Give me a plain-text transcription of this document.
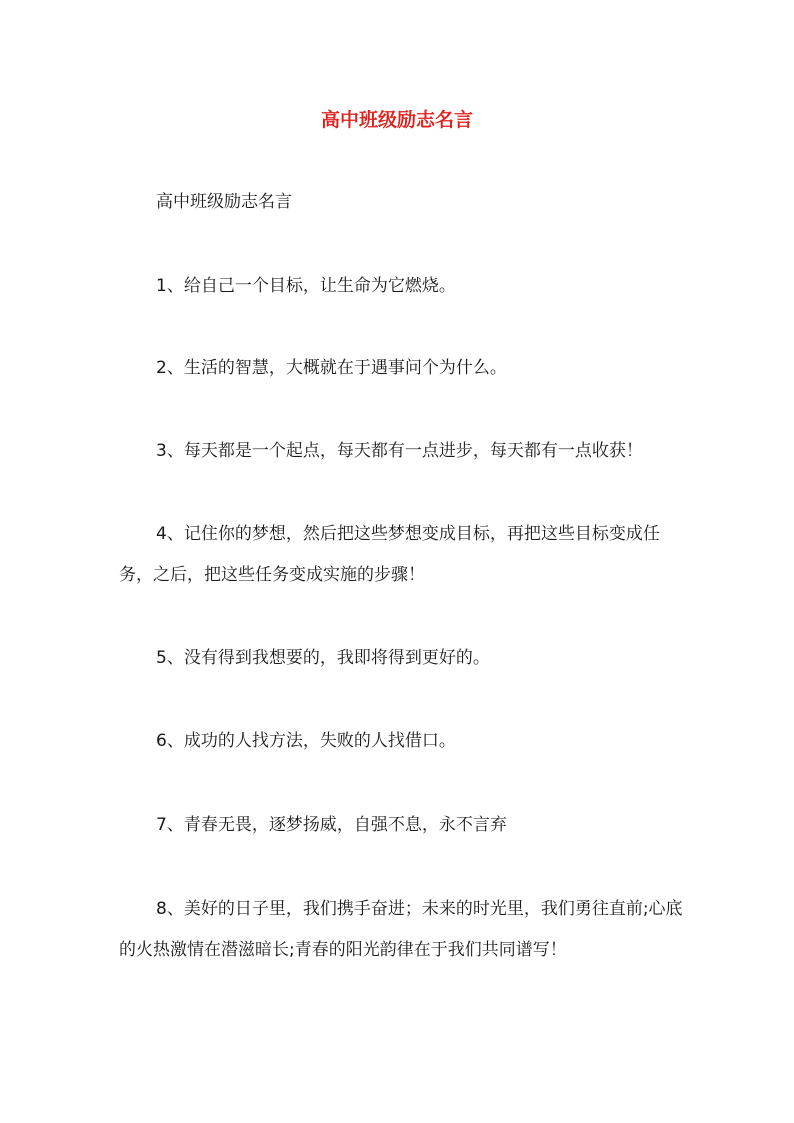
高中班级励志名言

高中班级励志名言

1、给自己一个目标，让生命为它燃烧。

2、生活的智慧，大概就在于遇事问个为什么。

3、每天都是一个起点，每天都有一点进步，每天都有一点收获！

4、记住你的梦想，然后把这些梦想变成目标，再把这些目标变成任务，之后，把这些任务变成实施的步骤！

5、没有得到我想要的，我即将得到更好的。

6、成功的人找方法，失败的人找借口。

7、青春无畏，逐梦扬威，自强不息，永不言弃

8、美好的日子里，我们携手奋进；未来的时光里，我们勇往直前;心底的火热激情在潜滋暗长;青春的阳光韵律在于我们共同谱写！
